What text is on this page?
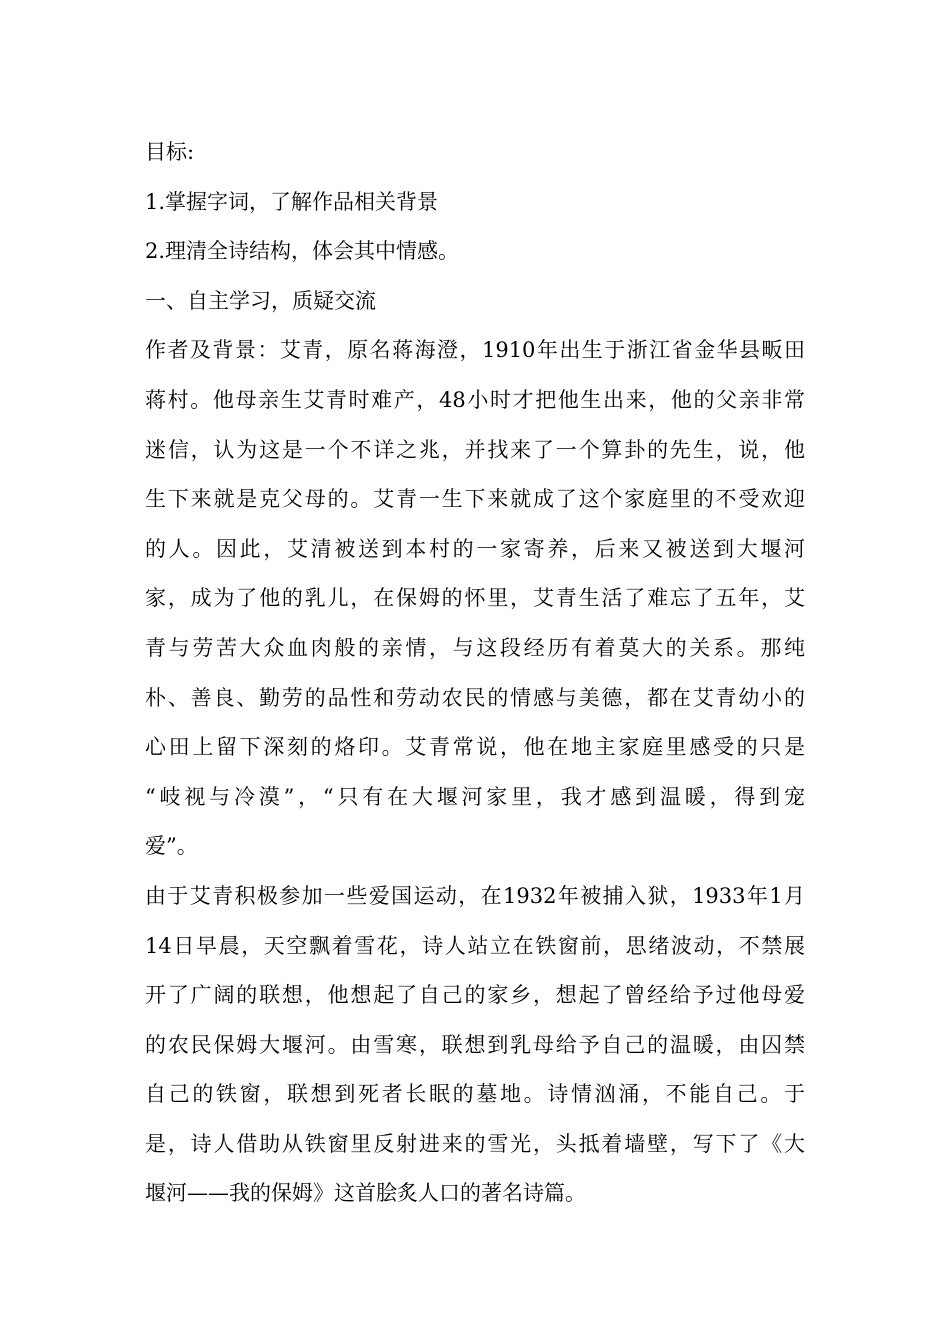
目标:
1.掌握字词，了解作品相关背景
2.理清全诗结构，体会其中情感。
一、自主学习，质疑交流
作者及背景：艾青，原名蒋海澄，1910年出生于浙江省金华县畈田
蒋村。他母亲生艾青时难产，48小时才把他生出来，他的父亲非常
迷信，认为这是一个不详之兆，并找来了一个算卦的先生，说，他
生下来就是克父母的。艾青一生下来就成了这个家庭里的不受欢迎
的人。因此，艾清被送到本村的一家寄养，后来又被送到大堰河
家，成为了他的乳儿，在保姆的怀里，艾青生活了难忘了五年，艾
青与劳苦大众血肉般的亲情，与这段经历有着莫大的关系。那纯
朴、善良、勤劳的品性和劳动农民的情感与美德，都在艾青幼小的
心田上留下深刻的烙印。艾青常说，他在地主家庭里感受的只是
“岐视与冷漠”，“只有在大堰河家里，我才感到温暖，得到宠
爱”。
由于艾青积极参加一些爱国运动，在1932年被捕入狱，1933年1月
14日早晨，天空飘着雪花，诗人站立在铁窗前，思绪波动，不禁展
开了广阔的联想，他想起了自己的家乡，想起了曾经给予过他母爱
的农民保姆大堰河。由雪寒，联想到乳母给予自己的温暖，由囚禁
自己的铁窗，联想到死者长眠的墓地。诗情汹涌，不能自己。于
是，诗人借助从铁窗里反射进来的雪光，头抵着墙壁，写下了《大
堰河——我的保姆》这首脍炙人口的著名诗篇。
